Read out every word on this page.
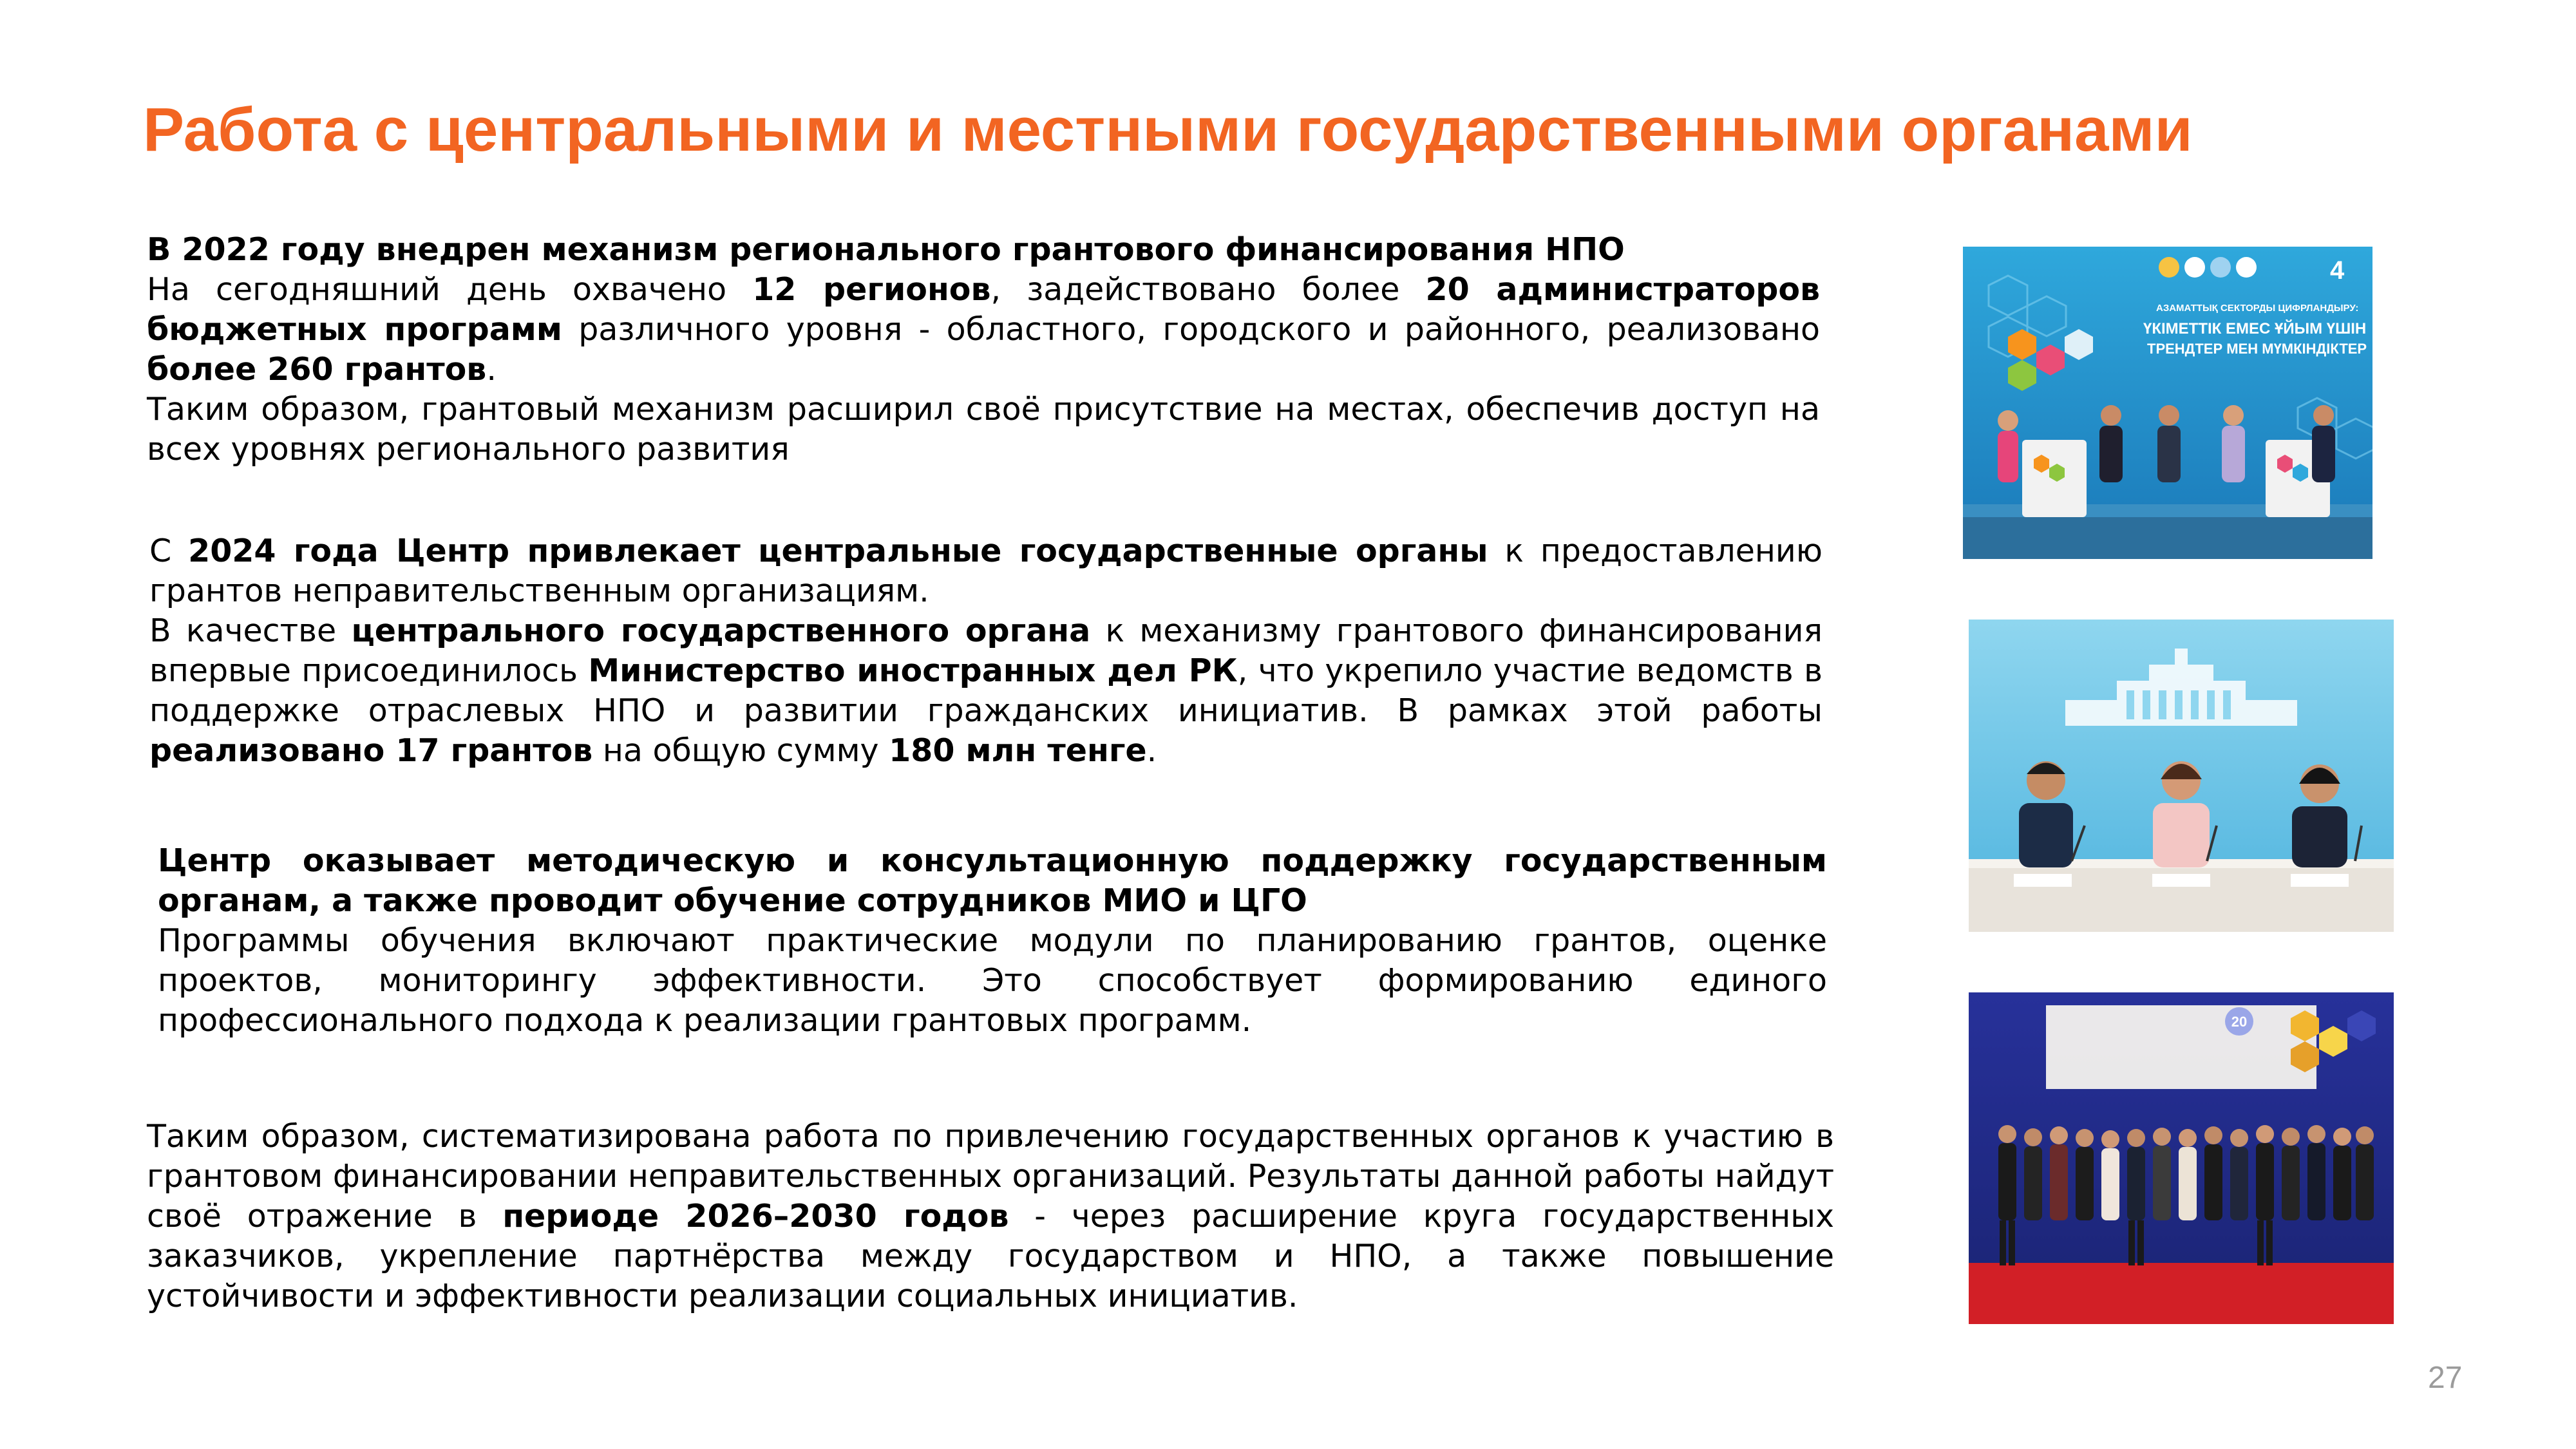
Работа с центральными и местными государственными органами

В 2022 году внедрен механизм регионального грантового финансирования НПО

На сегодняшний день охвачено 12 регионов, задействовано более 20 администраторов бюджетных программ различного уровня - областного, городского и районного, реализовано более 260 грантов.

Таким образом, грантовый механизм расширил своё присутствие на местах, обеспечив доступ на всех уровнях регионального развития

С 2024 года Центр привлекает центральные государственные органы к предоставлению грантов неправительственным организациям.

В качестве центрального государственного органа к механизму грантового финансирования впервые присоединилось Министерство иностранных дел РК, что укрепило участие ведомств в поддержке отраслевых НПО и развитии гражданских инициатив. В рамках этой работы реализовано 17 грантов на общую сумму 180 млн тенге.

Центр оказывает методическую и консультационную поддержку государственным органам, а также проводит обучение сотрудников МИО и ЦГО

Программы обучения включают практические модули по планированию грантов, оценке проектов, мониторингу эффективности. Это способствует формированию единого профессионального подхода к реализации грантовых программ.

Таким образом, систематизирована работа по привлечению государственных органов к участию в грантовом финансировании неправительственных организаций. Результаты данной работы найдут своё отражение в периоде 2026–2030 годов - через расширение круга государственных заказчиков, укрепление партнёрства между государством и НПО, а также повышение устойчивости и эффективности реализации социальных инициатив.

4
АЗАМАТТЫҚ СЕКТОРДЫ ЦИФРЛАНДЫРУ:
ҮКІМЕТТІК ЕМЕС ҰЙЫМ ҮШІН
ТРЕНДТЕР МЕН МҮМКІНДІКТЕР
20
27
